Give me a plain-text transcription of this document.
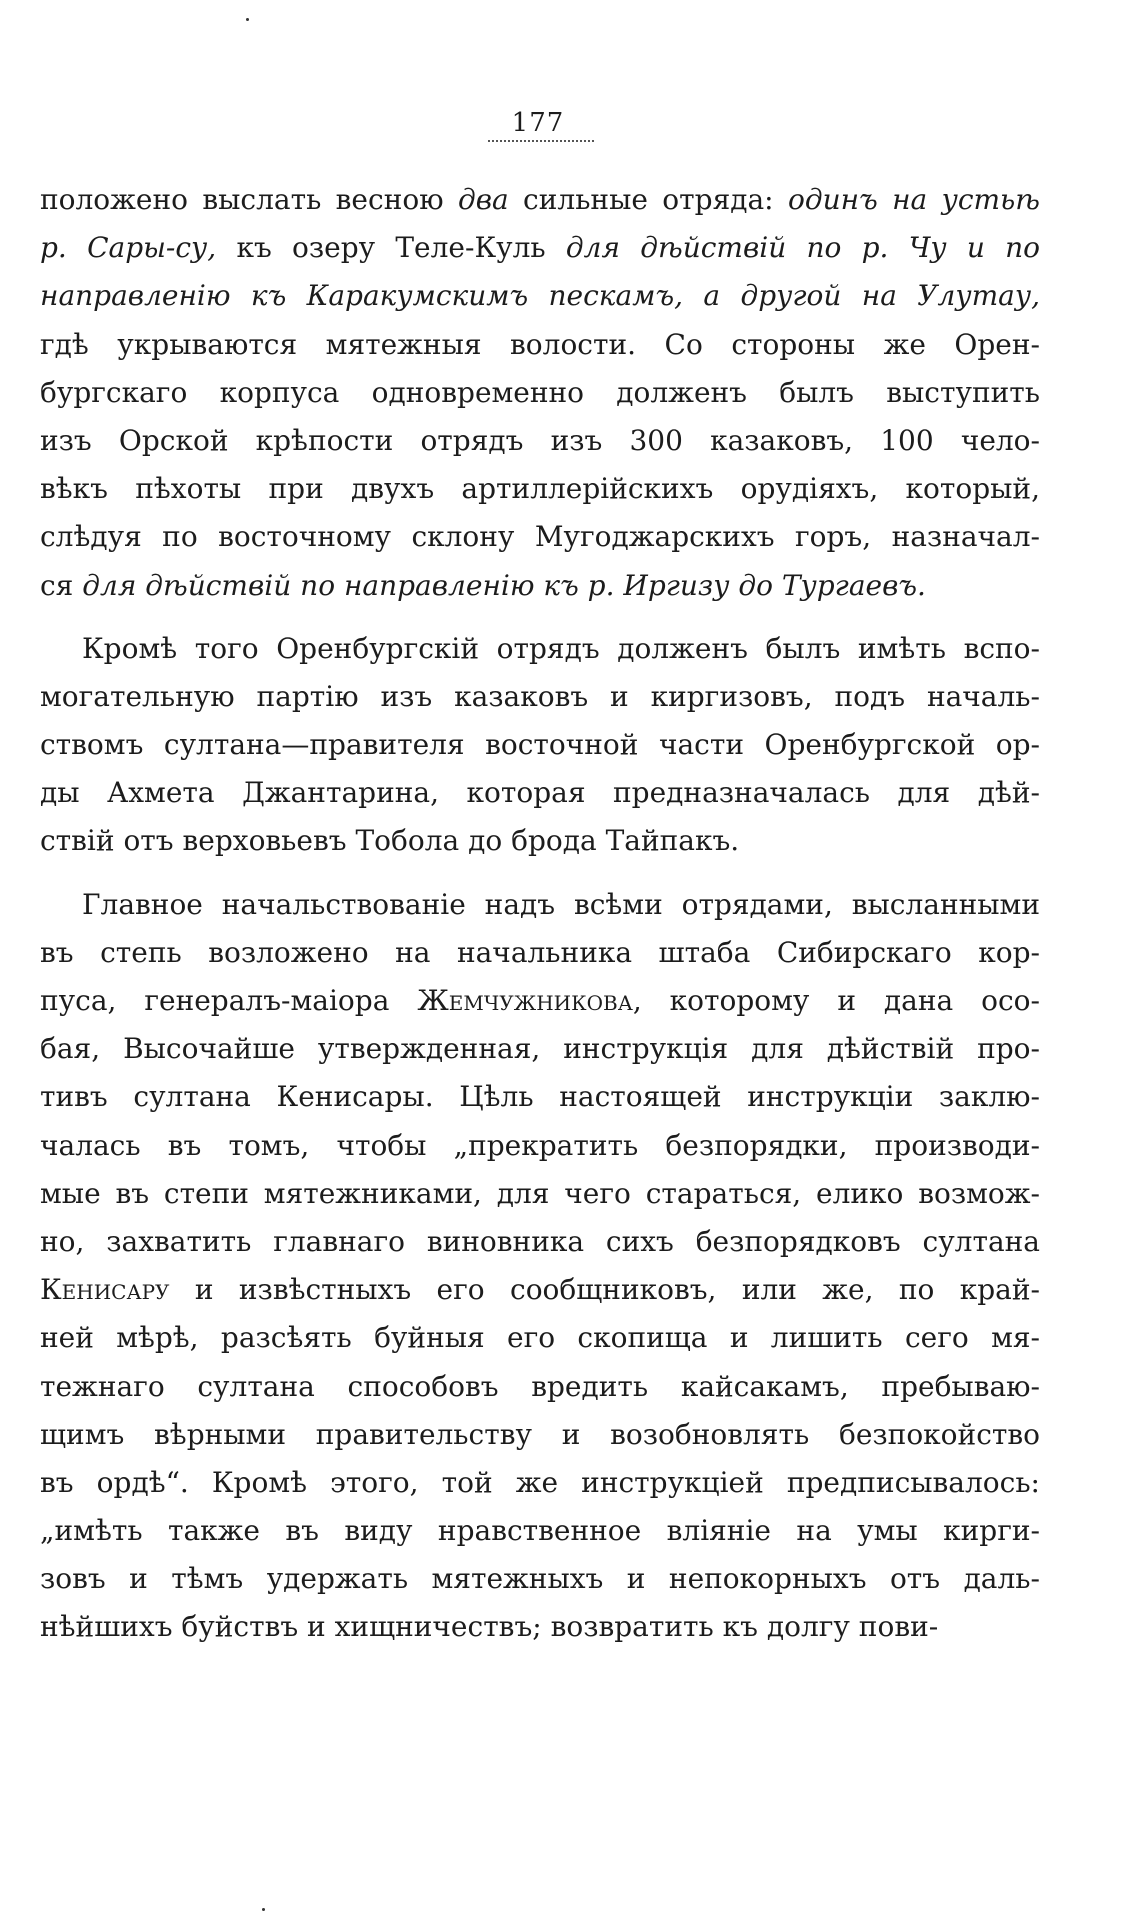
177
положено выслать весною два сильные отряда: одинъ на устьѣ
р. Сары-су, къ озеру Теле-Куль для дѣйствій по р. Чу и по
направленію къ Каракумскимъ пескамъ, а другой на Улутау,
гдѣ укрываются мятежныя волости. Со стороны же Орен-
бургскаго корпуса одновременно долженъ былъ выступить
изъ Орской крѣпости отрядъ изъ 300 казаковъ, 100 чело-
вѣкъ пѣхоты при двухъ артиллерійскихъ орудіяхъ, который,
слѣдуя по восточному склону Мугоджарскихъ горъ, назначал-
ся для дѣйствій по направленію къ р. Иргизу до Тургаевъ.
Кромѣ того Оренбургскій отрядъ долженъ былъ имѣть вспо-
могательную партію изъ казаковъ и киргизовъ, подъ началь-
ствомъ султана—правителя восточной части Оренбургской ор-
ды Ахмета Джантарина, которая предназначалась для дѣй-
ствій отъ верховьевъ Тобола до брода Тайпакъ.
Главное начальствованіе надъ всѣми отрядами, высланными
въ степь возложено на начальника штаба Сибирскаго кор-
пуса, генералъ-маіора Жемчужникова, которому и дана осо-
бая, Высочайше утвержденная, инструкція для дѣйствій про-
тивъ султана Кенисары. Цѣль настоящей инструкціи заклю-
чалась въ томъ, чтобы „прекратить безпорядки, производи-
мые въ степи мятежниками, для чего стараться, елико возмож-
но, захватить главнаго виновника сихъ безпорядковъ султана
Кенисару и извѣстныхъ его сообщниковъ, или же, по край-
ней мѣрѣ, разсѣять буйныя его скопища и лишить сего мя-
тежнаго султана способовъ вредить кайсакамъ, пребываю-
щимъ вѣрными правительству и возобновлять безпокойство
въ ордѣ“. Кромѣ этого, той же инструкціей предписывалось:
„имѣть также въ виду нравственное вліяніе на умы кирги-
зовъ и тѣмъ удержать мятежныхъ и непокорныхъ отъ даль-
нѣйшихъ буйствъ и хищничествъ; возвратить къ долгу пови-
